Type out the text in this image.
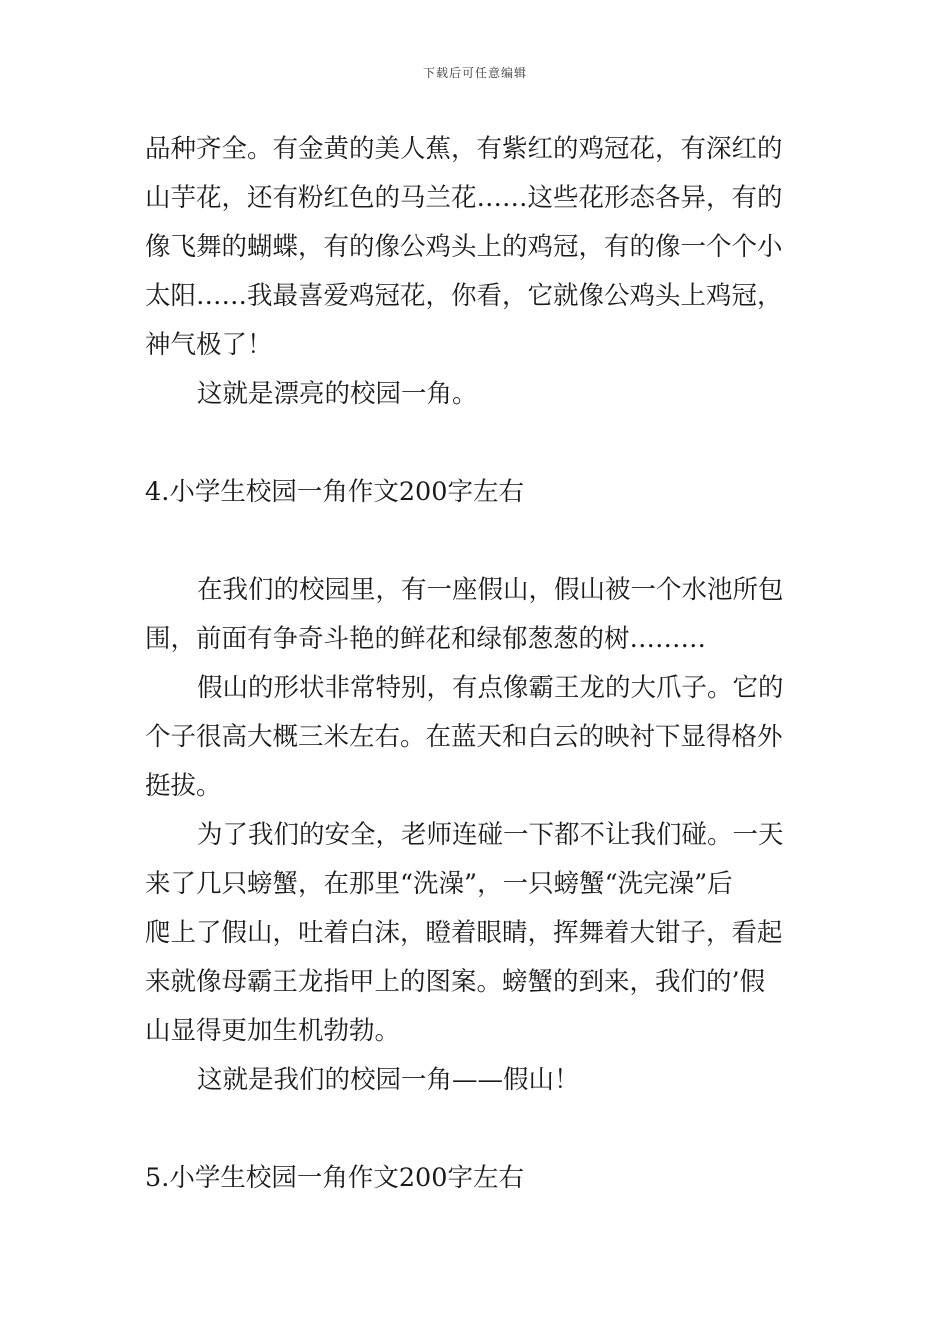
下载后可任意编辑
品种齐全。有金黄的美人蕉，有紫红的鸡冠花，有深红的
山芋花，还有粉红色的马兰花……这些花形态各异，有的
像飞舞的蝴蝶，有的像公鸡头上的鸡冠，有的像一个个小
太阳……我最喜爱鸡冠花，你看，它就像公鸡头上鸡冠，
神气极了！
这就是漂亮的校园一角。
4.小学生校园一角作文200字左右
在我们的校园里，有一座假山，假山被一个水池所包
围，前面有争奇斗艳的鲜花和绿郁葱葱的树………
假山的形状非常特别，有点像霸王龙的大爪子。它的
个子很高大概三米左右。在蓝天和白云的映衬下显得格外
挺拔。
为了我们的安全，老师连碰一下都不让我们碰。一天
来了几只螃蟹，在那里“洗澡”，一只螃蟹“洗完澡”后
爬上了假山，吐着白沫，瞪着眼睛，挥舞着大钳子，看起
来就像母霸王龙指甲上的图案。螃蟹的到来，我们的’假
山显得更加生机勃勃。
这就是我们的校园一角——假山！
5.小学生校园一角作文200字左右
